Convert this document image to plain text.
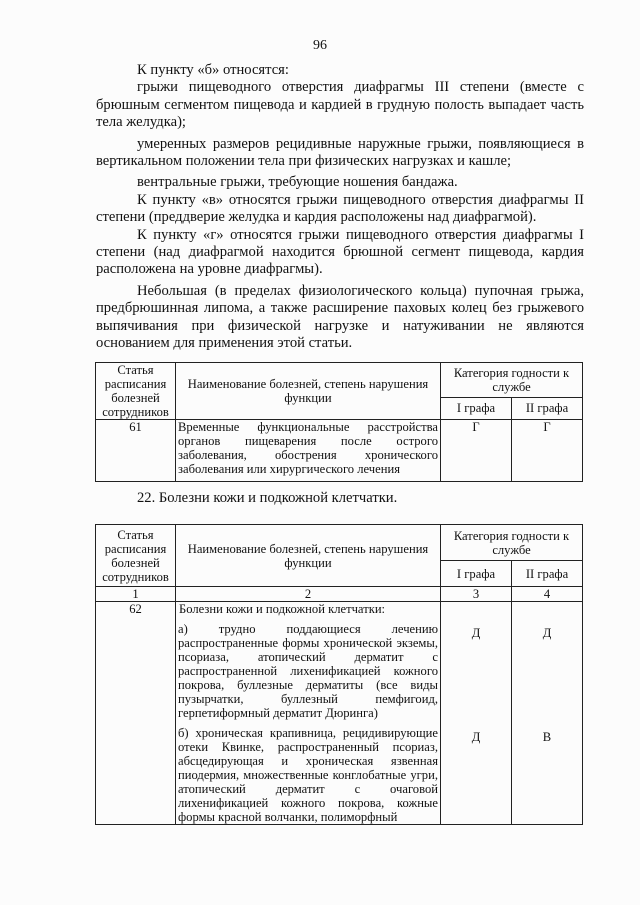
96

К пункту «б» относятся:

грыжи пищеводного отверстия диафрагмы III степени (вместе с брюшным сегментом пищевода и кардией в грудную полость выпадает часть тела желудка);

умеренных размеров рецидивные наружные грыжи, появляющиеся в вертикальном положении тела при физических нагрузках и кашле;

вентральные грыжи, требующие ношения бандажа.

К пункту «в» относятся грыжи пищеводного отверстия диафрагмы II степени (преддверие желудка и кардия расположены над диафрагмой).

К пункту «г» относятся грыжи пищеводного отверстия диафрагмы I степени (над диафрагмой находится брюшной сегмент пищевода, кардия расположена на уровне диафрагмы).

Небольшая (в пределах физиологического кольца) пупочная грыжа, предбрюшинная липома, а также расширение паховых колец без грыжевого выпячивания при физической нагрузке и натуживании не являются основанием для применения этой статьи.

Статья расписания болезней сотрудников	Наименование болезней, степень нарушения функции	Категория годности к службе	
		I графа	II графа
61	Временные функциональные расстройства органов пищеварения после острого заболевания, обострения хронического заболевания или хирургического лечения	Г	Г
22. Болезни кожи и подкожной клетчатки.
Статья расписания болезней сотрудников	Наименование болезней, степень нарушения функции	Категория годности к службе	
		I графа	II графа
1	2	3	4
62	Болезни кожи и подкожной клетчатки:		

	а) трудно поддающиеся лечению распространенные формы хронической экземы, псориаза, атопический дерматит с распространенной лихенификацией кожного покрова, буллезные дерматиты (все виды пузырчатки, буллезный пемфигоид, герпетиформный дерматит Дюринга)	Д	Д

	б) хроническая крапивница, рецидивирующие отеки Квинке, распространенный псориаз, абсцедирующая и хроническая язвенная пиодермия, множественные конглобатные угри, атопический дерматит с очаговой лихенификацией кожного покрова, кожные формы красной волчанки, полиморфный	Д	В
